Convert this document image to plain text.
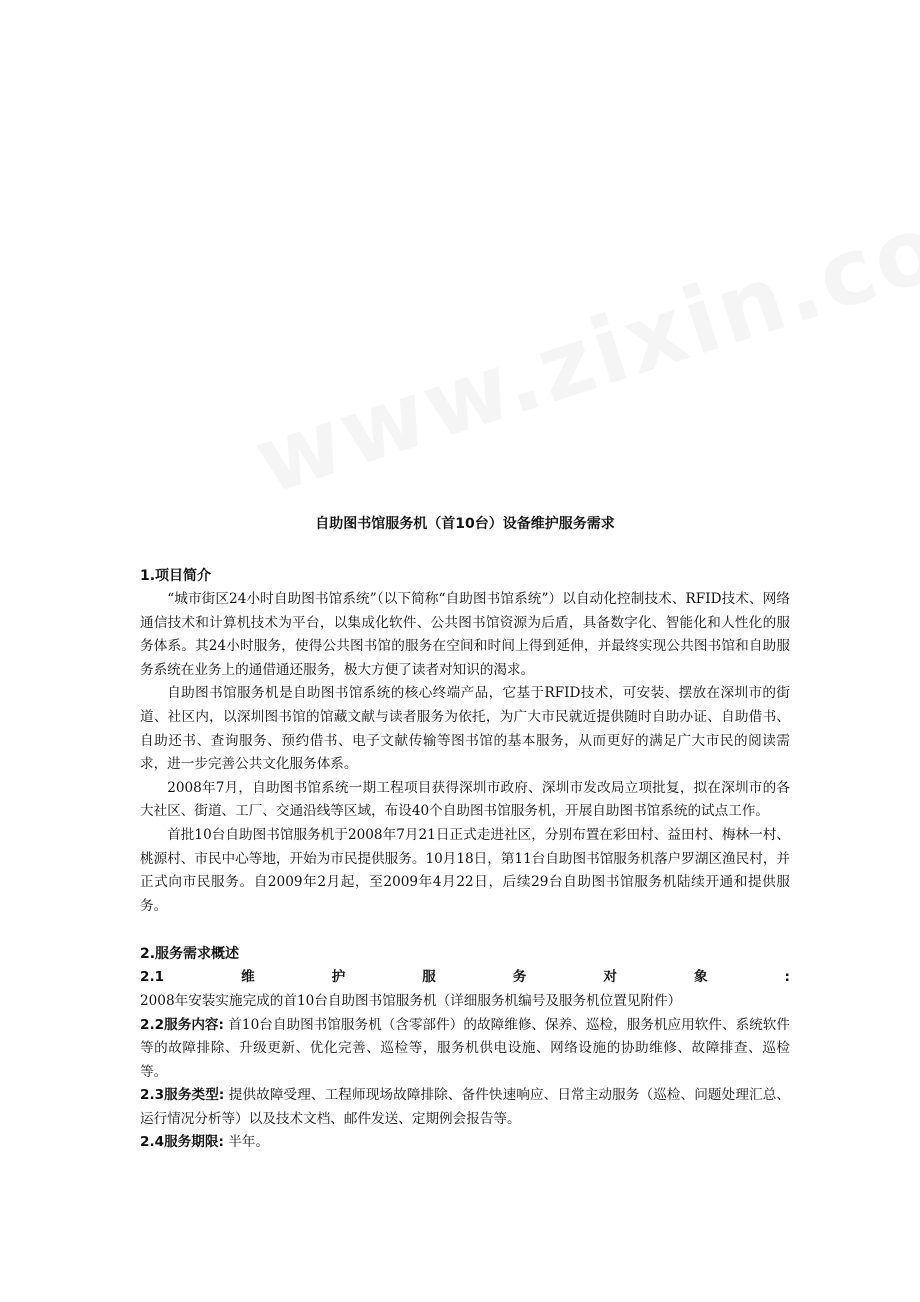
自助图书馆服务机（首10台）设备维护服务需求

1.项目简介

“城市街区24小时自助图书馆系统”（以下简称“自助图书馆系统”）以自动化控制技术、RFID技术、网络通信技术和计算机技术为平台，以集成化软件、公共图书馆资源为后盾，具备数字化、智能化和人性化的服务体系。其24小时服务，使得公共图书馆的服务在空间和时间上得到延伸，并最终实现公共图书馆和自助服务系统在业务上的通借通还服务，极大方便了读者对知识的渴求。

自助图书馆服务机是自助图书馆系统的核心终端产品，它基于RFID技术，可安装、摆放在深圳市的街道、社区内，以深圳图书馆的馆藏文献与读者服务为依托，为广大市民就近提供随时自助办证、自助借书、自助还书、查询服务、预约借书、电子文献传输等图书馆的基本服务，从而更好的满足广大市民的阅读需求，进一步完善公共文化服务体系。

2008年7月，自助图书馆系统一期工程项目获得深圳市政府、深圳市发改局立项批复，拟在深圳市的各大社区、街道、工厂、交通沿线等区域，布设40个自助图书馆服务机，开展自助图书馆系统的试点工作。

首批10台自助图书馆服务机于2008年7月21日正式走进社区，分别布置在彩田村、益田村、梅林一村、桃源村、市民中心等地，开始为市民提供服务。10月18日，第11台自助图书馆服务机落户罗湖区渔民村，并正式向市民服务。自2009年2月起，至2009年4月22日，后续29台自助图书馆服务机陆续开通和提供服务。

2.服务需求概述

2.1维护服务对象: 2008年安装实施完成的首10台自助图书馆服务机（详细服务机编号及服务机位置见附件）

2.2服务内容: 首10台自助图书馆服务机（含零部件）的故障维修、保养、巡检，服务机应用软件、系统软件等的故障排除、升级更新、优化完善、巡检等，服务机供电设施、网络设施的协助维修、故障排查、巡检等。

2.3服务类型: 提供故障受理、工程师现场故障排除、备件快速响应、日常主动服务（巡检、问题处理汇总、运行情况分析等）以及技术文档、邮件发送、定期例会报告等。

2.4服务期限: 半年。
